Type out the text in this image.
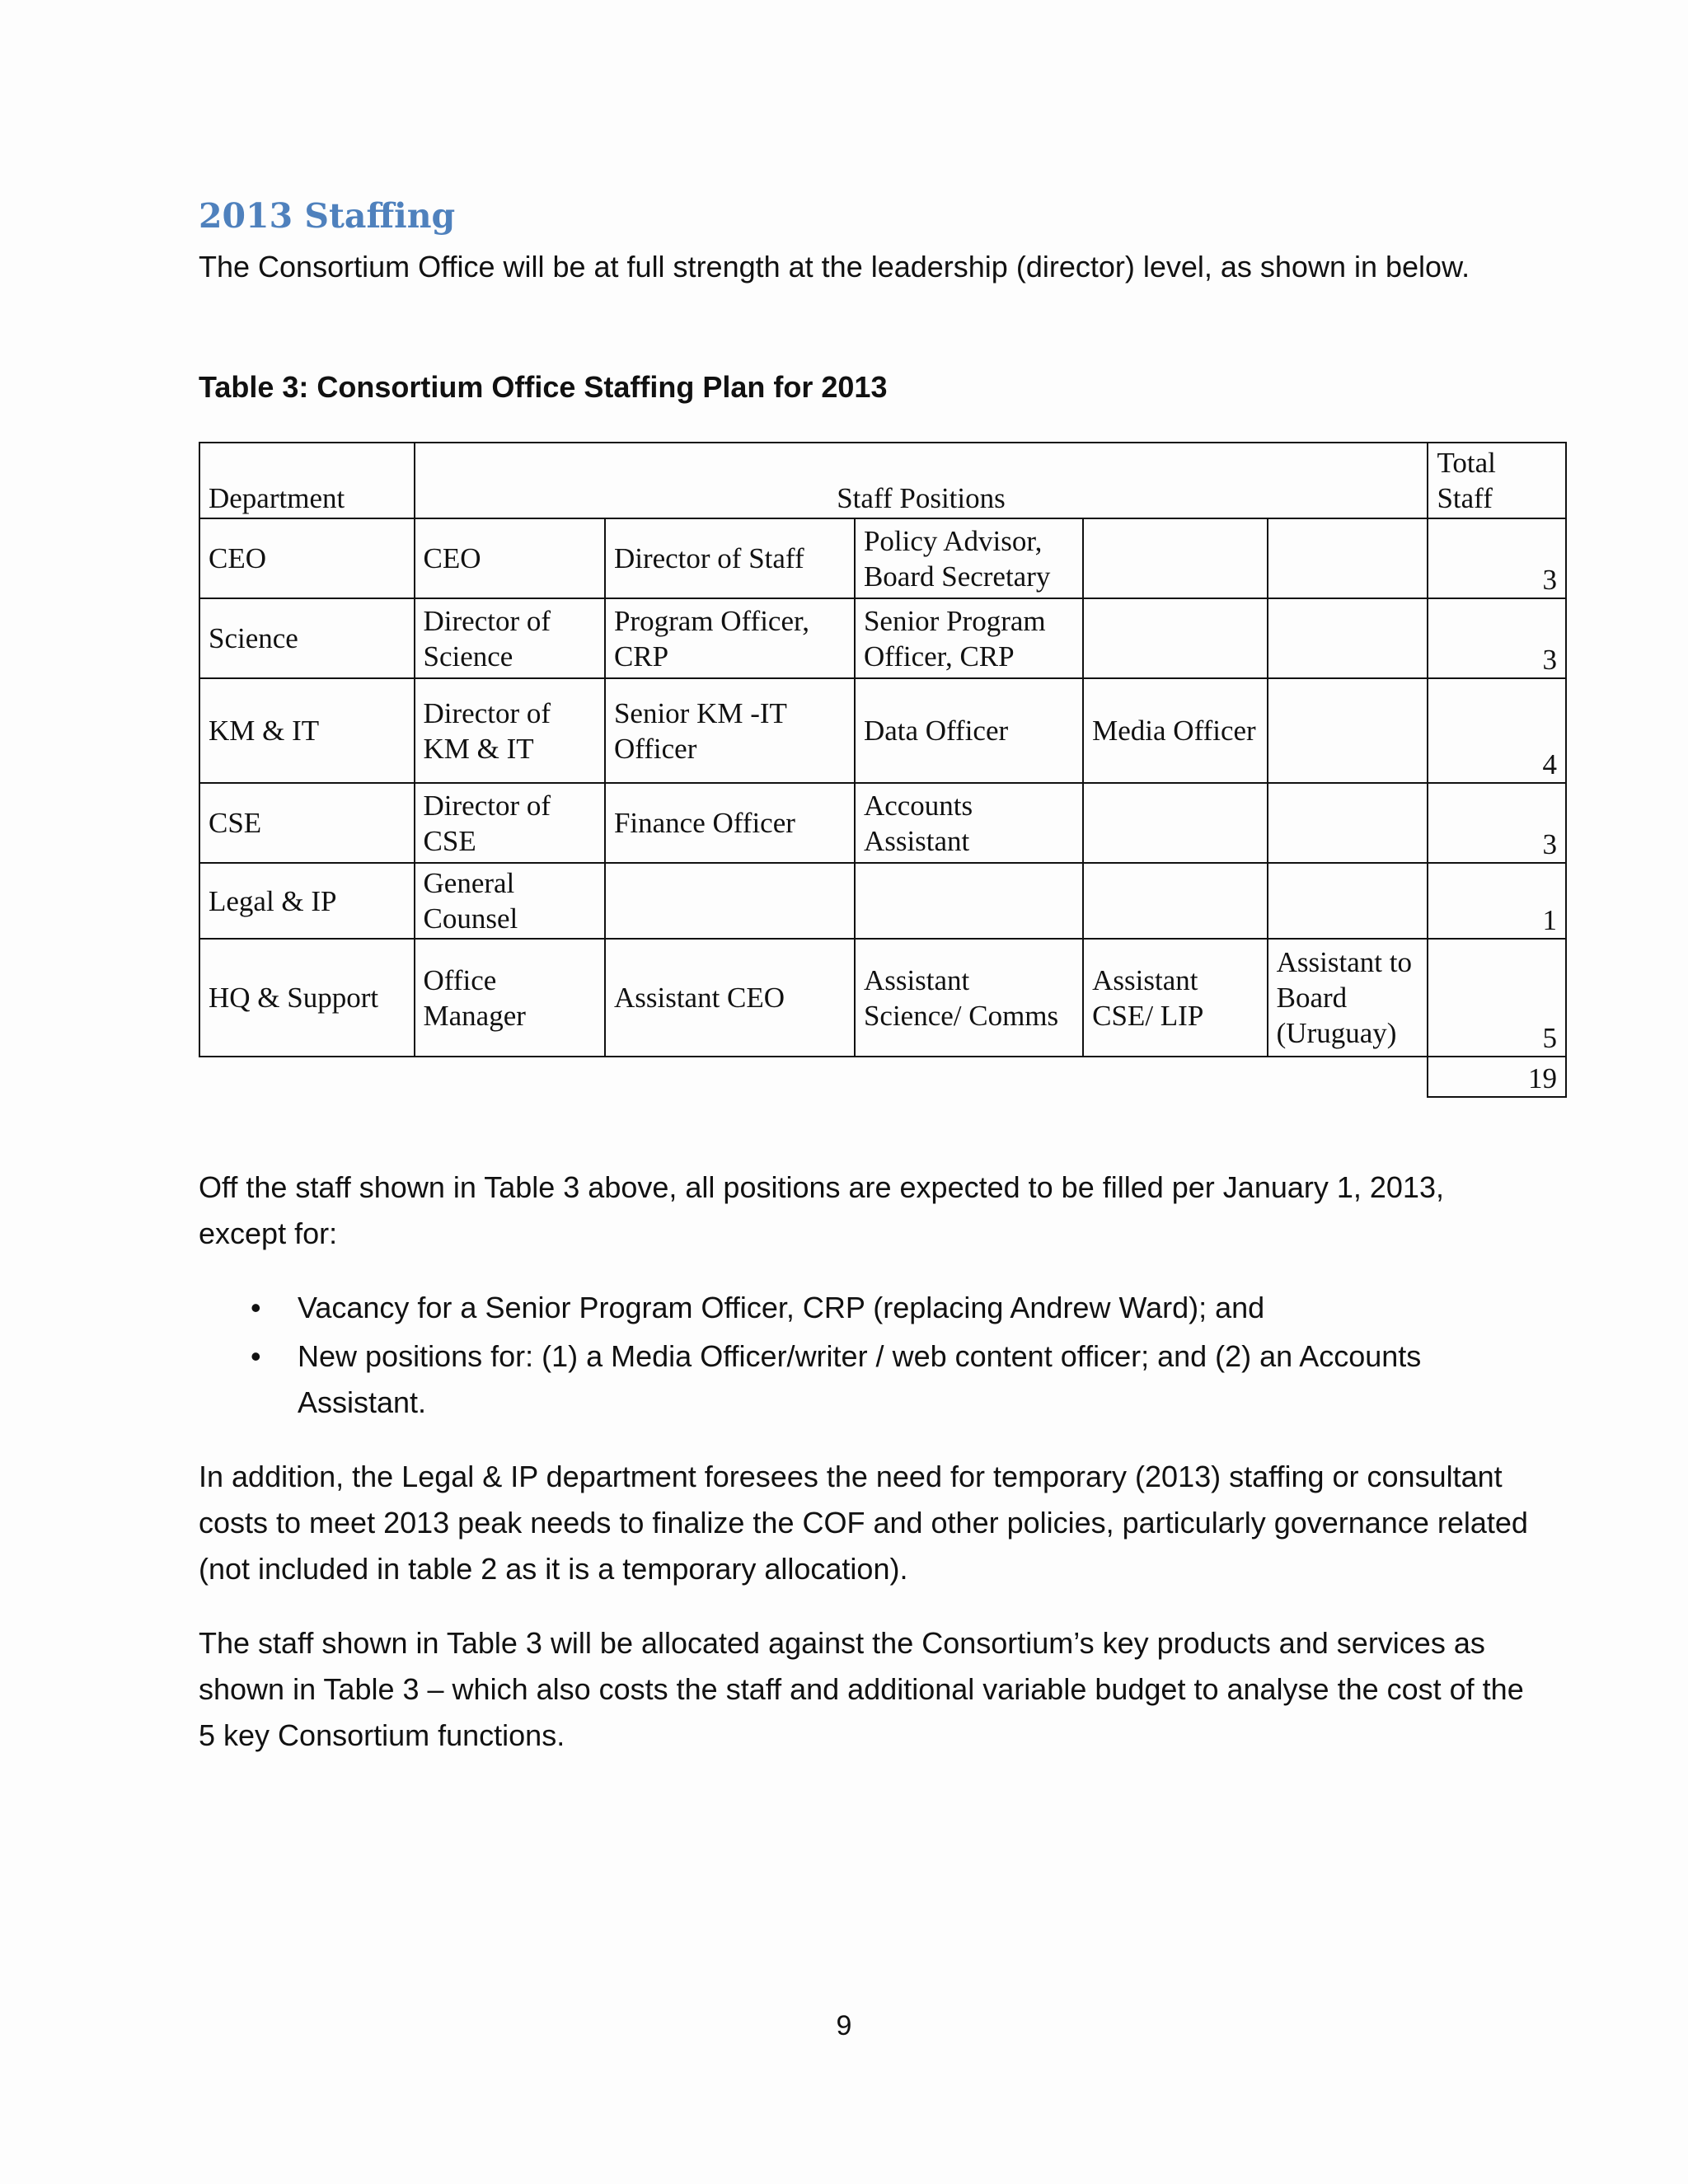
2013 Staffing

The Consortium Office will be at full strength at the leadership (director) level, as shown in below.

Table 3: Consortium Office Staffing Plan for 2013

Department	Staff Positions					Total Staff
CEO	CEO	Director of Staff	Policy Advisor, Board Secretary			3
Science	Director of Science	Program Officer, CRP	Senior Program Officer, CRP			3
KM & IT	Director of KM & IT	Senior KM -IT Officer	Data Officer	Media Officer		4
CSE	Director of CSE	Finance Officer	Accounts Assistant			3
Legal & IP	General Counsel					1
HQ & Support	Office Manager	Assistant CEO	Assistant Science/ Comms	Assistant CSE/ LIP	Assistant to Board (Uruguay)	5
						19

Off the staff shown in Table 3 above, all positions are expected to be filled per January 1, 2013, except for:

• Vacancy for a Senior Program Officer, CRP (replacing Andrew Ward); and
• New positions for: (1) a Media Officer/writer / web content officer; and (2) an Accounts Assistant.

In addition, the Legal & IP department foresees the need for temporary (2013) staffing or consultant costs to meet 2013 peak needs to finalize the COF and other policies, particularly governance related (not included in table 2 as it is a temporary allocation).

The staff shown in Table 3 will be allocated against the Consortium’s key products and services as shown in Table 3 – which also costs the staff and additional variable budget to analyse the cost of the 5 key Consortium functions.

9
